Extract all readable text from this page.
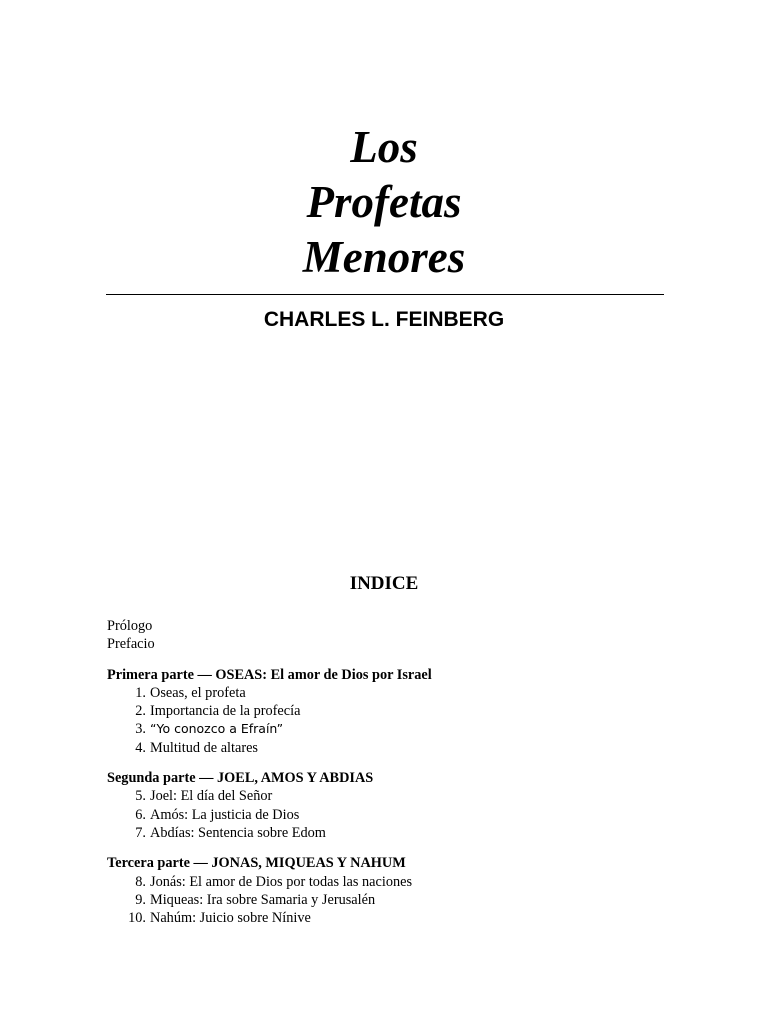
Los
Profetas
Menores
CHARLES L. FEINBERG
INDICE
Prólogo
Prefacio
Primera parte — OSEAS: El amor de Dios por Israel
1. Oseas, el profeta
2. Importancia de la profecía
3. “Yo conozco a Efraín”
4. Multitud de altares
Segunda parte — JOEL, AMOS Y ABDIAS
5. Joel: El día del Señor
6. Amós: La justicia de Dios
7. Abdías: Sentencia sobre Edom
Tercera parte — JONAS, MIQUEAS Y NAHUM
8. Jonás: El amor de Dios por todas las naciones
9. Miqueas: Ira sobre Samaria y Jerusalén
10. Nahúm: Juicio sobre Nínive
